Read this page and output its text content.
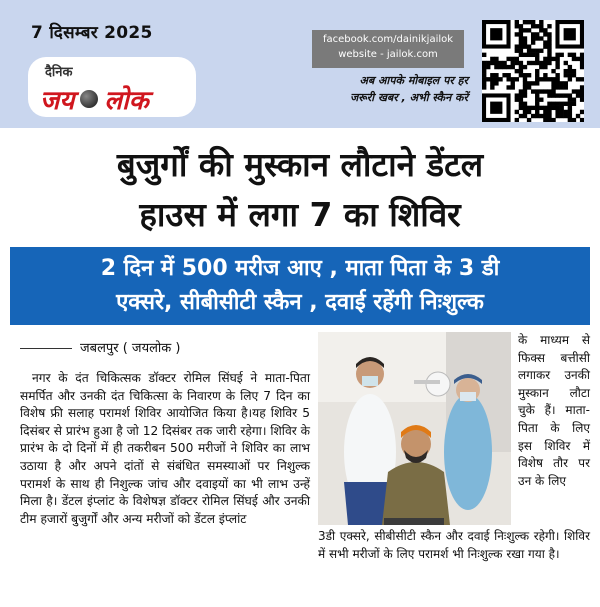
7 दिसम्बर 2025
दैनिक
जय लोक
facebook.com/dainikjailok
website - jailok.com
अब आपके मोबाइल पर हर
जरूरी खबर , अभी स्कैन करें
बुजुर्गों की मुस्कान लौटाने डेंटल
हाउस में लगा 7 का शिविर
2 दिन में 500 मरीज आए , माता पिता के 3 डी
एक्सरे, सीबीसीटी स्कैन , दवाई रहेंगी निःशुल्क
जबलपुर ( जयलोक )

नगर के दंत चिकित्सक डॉक्टर रोमिल सिंघई ने माता-पिता समर्पित और उनकी दंत चिकित्सा के निवारण के लिए 7 दिन का विशेष फ्री सलाह परामर्श शिविर आयोजित किया है।यह शिविर 5 दिसंबर से प्रारंभ हुआ है जो 12 दिसंबर तक जारी रहेगा। शिविर के प्रारंभ के दो दिनों में ही तकरीबन 500 मरीजों ने शिविर का लाभ उठाया है और अपने दांतों से संबंधित समस्याओं पर निशुल्क परामर्श के साथ ही निशुल्क जांच और दवाइयों का भी लाभ उन्हें मिला है। डेंटल इंप्लांट के विशेषज्ञ डॉक्टर रोमिल सिंघई और उनकी टीम हजारों बुजुर्गों और अन्य मरीजों को डेंटल इंप्लांट

के माध्यम से फिक्स बत्तीसी लगाकर उनकी मुस्कान लौटा चुके हैं। माता-पिता के लिए इस शिविर में विशेष तौर पर उन के लिए

3डी एक्सरे, सीबीसीटी स्कैन और दवाई निःशुल्क रहेगी। शिविर में सभी मरीजों के लिए परामर्श भी निःशुल्क रखा गया है।
